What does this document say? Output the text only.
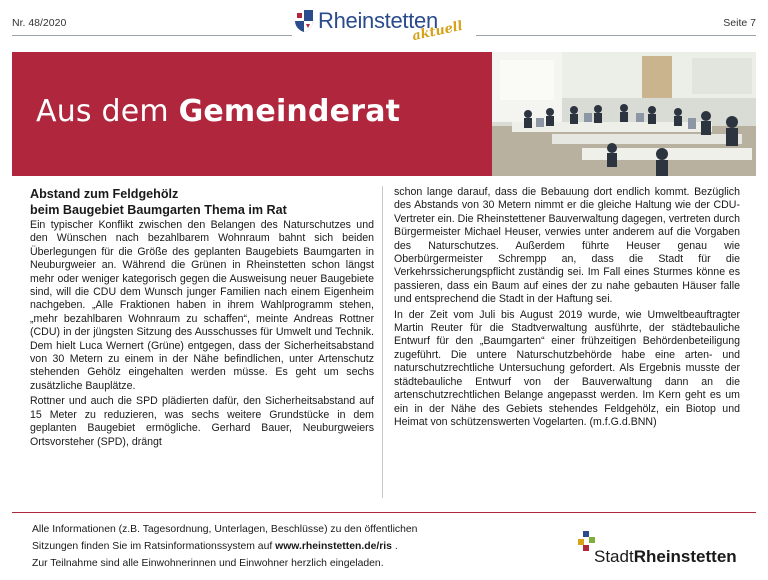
Nr. 48/2020	Rheinstetten
aktuell	Seite 7
Aus dem Gemeinderat
Abstand zum Feldgehölz
beim Baugebiet Baumgarten Thema im Rat

Ein typischer Konflikt zwischen den Belangen des Naturschutzes und den Wünschen nach bezahlbarem Wohnraum bahnt sich beiden Überlegungen für die Größe des geplanten Baugebiets Baumgarten in Neuburgweier an. Während die Grünen in Rheinstetten schon längst mehr oder weniger kategorisch gegen die Ausweisung neuer Baugebiete sind, will die CDU dem Wunsch junger Familien nach einem Eigenheim nachgeben. „Alle Fraktionen haben in ihrem Wahlprogramm stehen, „mehr bezahlbaren Wohnraum zu schaffen“, meinte Andreas Rottner (CDU) in der jüngsten Sitzung des Ausschusses für Umwelt und Technik. Dem hielt Luca Wernert (Grüne) entgegen, dass der Sicherheitsabstand von 30 Metern zu einem in der Nähe befindlichen, unter Artenschutz stehenden Gehölz eingehalten werden müsse. Es geht um sechs zusätzliche Bauplätze.

Rottner und auch die SPD plädierten dafür, den Sicherheitsabstand auf 15 Meter zu reduzieren, was sechs weitere Grundstücke in dem geplanten Baugebiet ermögliche. Gerhard Bauer, Neuburgweiers Ortsvorsteher (SPD), drängt

schon lange darauf, dass die Bebauung dort endlich kommt. Bezüglich des Abstands von 30 Metern nimmt er die gleiche Haltung wie der CDU-Vertreter ein. Die Rheinstettener Bauverwaltung dagegen, vertreten durch Bürgermeister Michael Heuser, verwies unter anderem auf die Vorgaben des Naturschutzes. Außerdem führte Heuser genau wie Oberbürgermeister Schrempp an, dass die Stadt für die Verkehrssicherungspflicht zuständig sei. Im Fall eines Sturmes könne es passieren, dass ein Baum auf eines der zu nahe gebauten Häuser falle und entsprechend die Stadt in der Haftung sei.

In der Zeit vom Juli bis August 2019 wurde, wie Umweltbeauftragter Martin Reuter für die Stadtverwaltung ausführte, der städtebauliche Entwurf für den „Baumgarten“ einer frühzeitigen Behördenbeteiligung zugeführt. Die untere Naturschutzbehörde habe eine arten- und naturschutzrechtliche Untersuchung gefordert. Als Ergebnis musste der städtebauliche Entwurf von der Bauverwaltung dann an die artenschutzrechtlichen Belange angepasst werden. Im Kern geht es um ein in der Nähe des Gebiets stehendes Feldgehölz, ein Biotop und Heimat von schützenswerten Vogelarten. (m.f.G.d.BNN)

Alle Informationen (z.B. Tagesordnung, Unterlagen, Beschlüsse) zu den öffentlichen
Sitzungen finden Sie im Ratsinformationssystem auf www.rheinstetten.de/ris .
Zur Teilnahme sind alle Einwohnerinnen und Einwohner herzlich eingeladen.	StadtRheinstetten
